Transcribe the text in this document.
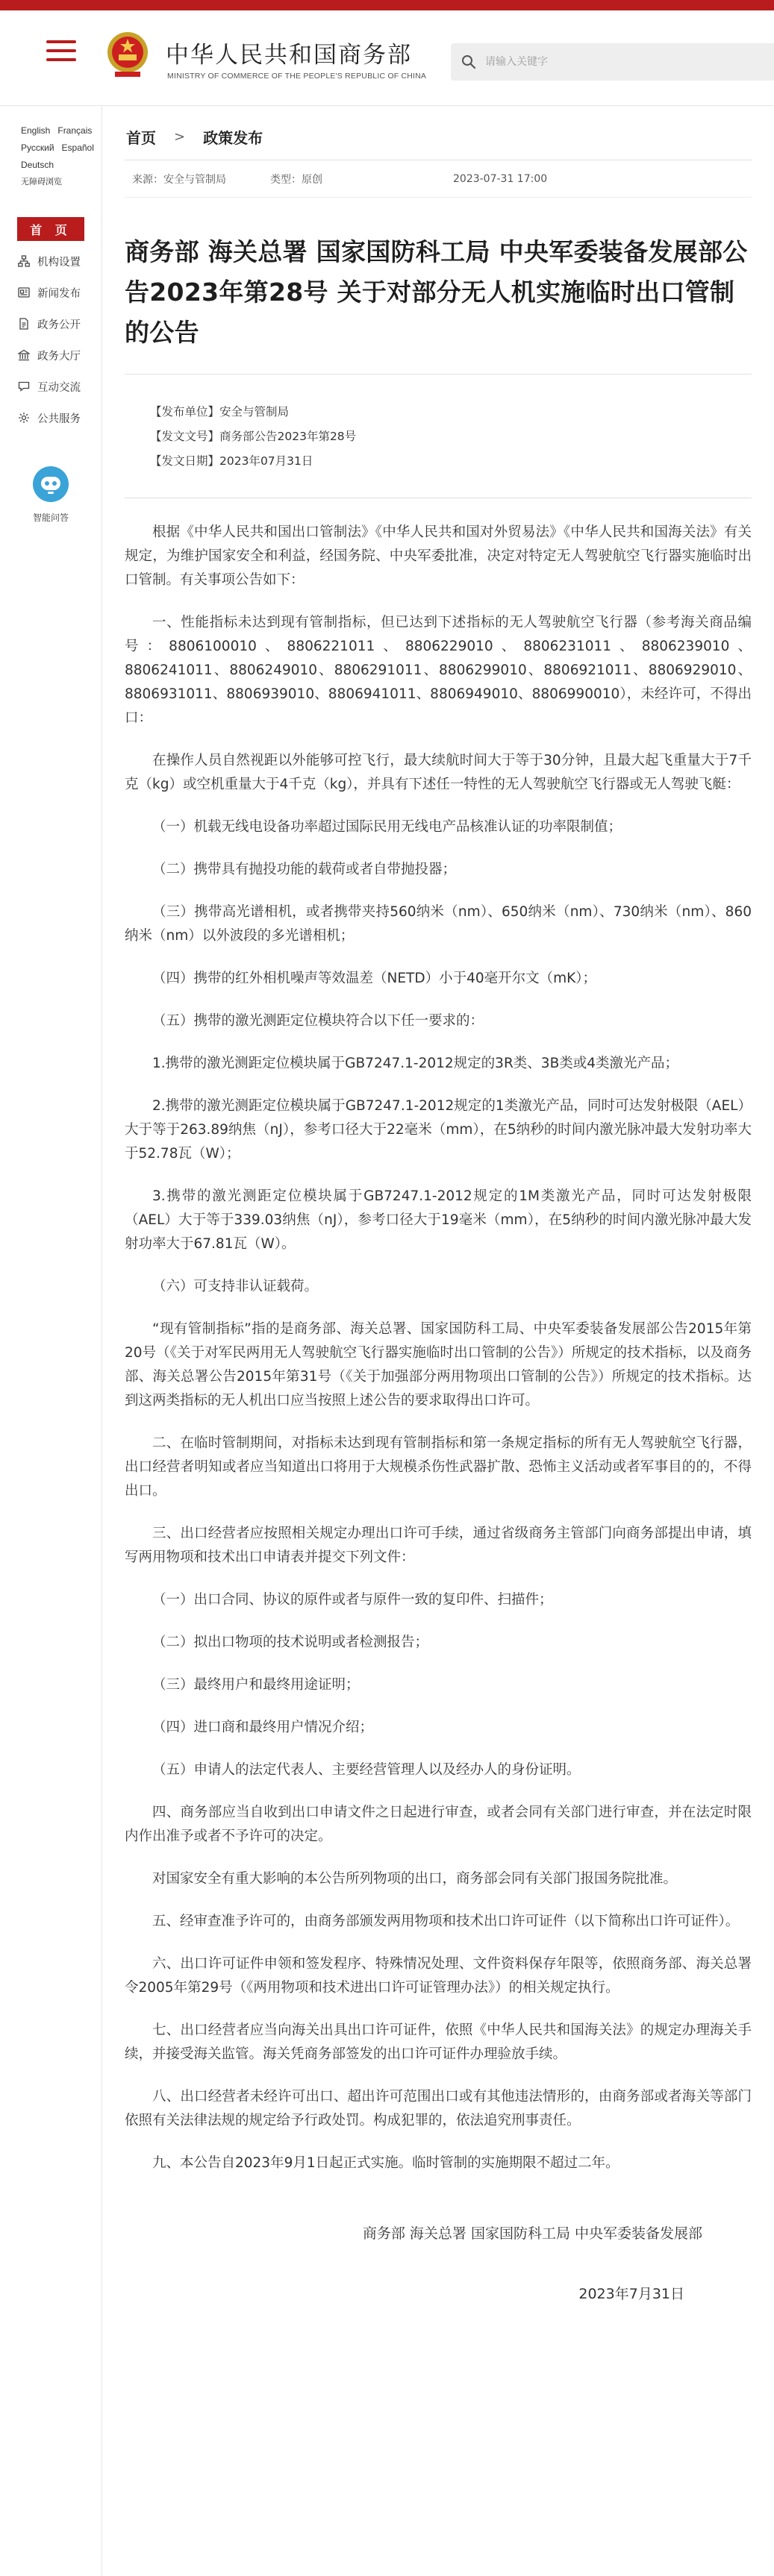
中华人民共和国商务部
MINISTRY OF COMMERCE OF THE PEOPLE'S REPUBLIC OF CHINA
请输入关键字
English Français
Русский Español
Deutsch
无障碍浏览
首 页
机构设置
新闻发布
政务公开
政务大厅
互动交流
公共服务
智能问答
首页 > 政策发布
来源：安全与管制局	类型：原创	2023-07-31 17:00
商务部 海关总署 国家国防科工局 中央军委装备发展部公告2023年第28号 关于对部分无人机实施临时出口管制的公告
【发布单位】安全与管制局
【发文文号】商务部公告2023年第28号
【发文日期】2023年07月31日

根据《中华人民共和国出口管制法》《中华人民共和国对外贸易法》《中华人民共和国海关法》有关规定，为维护国家安全和利益，经国务院、中央军委批准，决定对特定无人驾驶航空飞行器实施临时出口管制。有关事项公告如下：

一、性能指标未达到现有管制指标，但已达到下述指标的无人驾驶航空飞行器（参考海关商品编号：8806100010、8806221011、8806229010、8806231011、8806239010、8806241011、8806249010、8806291011、8806299010、8806921011、8806929010、8806931011、8806939010、8806941011、8806949010、8806990010），未经许可，不得出口：

在操作人员自然视距以外能够可控飞行，最大续航时间大于等于30分钟，且最大起飞重量大于7千克（kg）或空机重量大于4千克（kg），并具有下述任一特性的无人驾驶航空飞行器或无人驾驶飞艇：

（一）机载无线电设备功率超过国际民用无线电产品核准认证的功率限制值；

（二）携带具有抛投功能的载荷或者自带抛投器；

（三）携带高光谱相机，或者携带夹持560纳米（nm）、650纳米（nm）、730纳米（nm）、860纳米（nm）以外波段的多光谱相机；

（四）携带的红外相机噪声等效温差（NETD）小于40毫开尔文（mK）；

（五）携带的激光测距定位模块符合以下任一要求的：

1.携带的激光测距定位模块属于GB7247.1-2012规定的3R类、3B类或4类激光产品；

2.携带的激光测距定位模块属于GB7247.1-2012规定的1类激光产品，同时可达发射极限（AEL）大于等于263.89纳焦（nJ），参考口径大于22毫米（mm），在5纳秒的时间内激光脉冲最大发射功率大于52.78瓦（W）；

3.携带的激光测距定位模块属于GB7247.1-2012规定的1M类激光产品，同时可达发射极限（AEL）大于等于339.03纳焦（nJ），参考口径大于19毫米（mm），在5纳秒的时间内激光脉冲最大发射功率大于67.81瓦（W）。

（六）可支持非认证载荷。

“现有管制指标”指的是商务部、海关总署、国家国防科工局、中央军委装备发展部公告2015年第20号（《关于对军民两用无人驾驶航空飞行器实施临时出口管制的公告》）所规定的技术指标，以及商务部、海关总署公告2015年第31号（《关于加强部分两用物项出口管制的公告》）所规定的技术指标。达到这两类指标的无人机出口应当按照上述公告的要求取得出口许可。

二、在临时管制期间，对指标未达到现有管制指标和第一条规定指标的所有无人驾驶航空飞行器，出口经营者明知或者应当知道出口将用于大规模杀伤性武器扩散、恐怖主义活动或者军事目的的，不得出口。

三、出口经营者应按照相关规定办理出口许可手续，通过省级商务主管部门向商务部提出申请，填写两用物项和技术出口申请表并提交下列文件：

（一）出口合同、协议的原件或者与原件一致的复印件、扫描件；

（二）拟出口物项的技术说明或者检测报告；

（三）最终用户和最终用途证明；

（四）进口商和最终用户情况介绍；

（五）申请人的法定代表人、主要经营管理人以及经办人的身份证明。

四、商务部应当自收到出口申请文件之日起进行审查，或者会同有关部门进行审查，并在法定时限内作出准予或者不予许可的决定。

对国家安全有重大影响的本公告所列物项的出口，商务部会同有关部门报国务院批准。

五、经审查准予许可的，由商务部颁发两用物项和技术出口许可证件（以下简称出口许可证件）。

六、出口许可证件申领和签发程序、特殊情况处理、文件资料保存年限等，依照商务部、海关总署令2005年第29号（《两用物项和技术进出口许可证管理办法》）的相关规定执行。

七、出口经营者应当向海关出具出口许可证件，依照《中华人民共和国海关法》的规定办理海关手续，并接受海关监管。海关凭商务部签发的出口许可证件办理验放手续。

八、出口经营者未经许可出口、超出许可范围出口或有其他违法情形的，由商务部或者海关等部门依照有关法律法规的规定给予行政处罚。构成犯罪的，依法追究刑事责任。

九、本公告自2023年9月1日起正式实施。临时管制的实施期限不超过二年。

商务部 海关总署 国家国防科工局 中央军委装备发展部
2023年7月31日
